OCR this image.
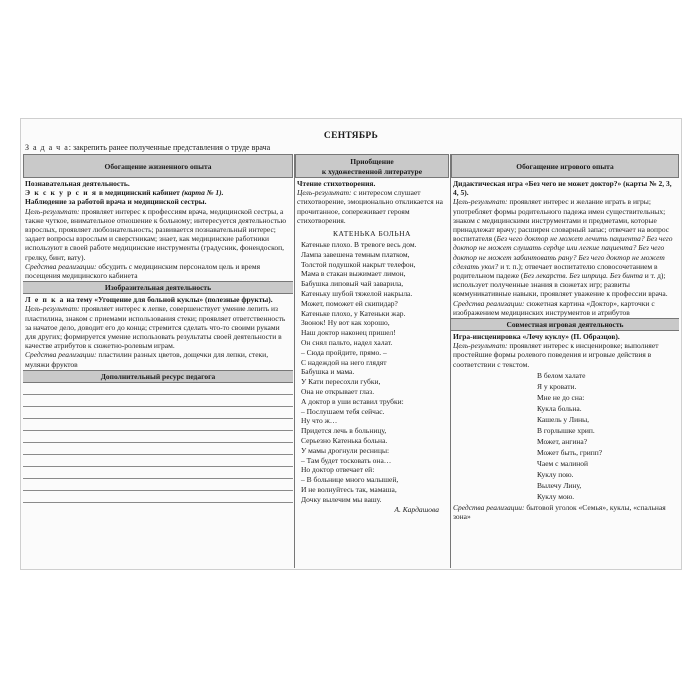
СЕНТЯБРЬ
З а д а ч а: закрепить ранее полученные представления о труде врача
Обогащение жизненного опыта
Познавательная деятельность.
Э к с к у р с и я в медицинский кабинет (карта № 1).
Наблюдение за работой врача и медицинской сестры.
Цель-результат: проявляет интерес к профессиям врача, медицинской сестры, а также чуткое, внимательное отношение к больному; интересуется деятельностью взрослых, проявляет любознательность; развивается познавательный интерес; задает вопросы взрослым и сверстникам; знает, как медицинские работники используют в своей работе медицинские инструменты (градусник, фонендоскоп, грелку, бинт, вату).
Средства реализации: обсудить с медицинским персоналом цель и время посещения медицинского кабинета
Изобразительная деятельность
Л е п к а на тему «Угощение для больной куклы» (полезные фрукты).
Цель-результат: проявляет интерес к лепке, совершенствует умение лепить из пластилина, знаком с приемами использования стеки; проявляет ответственность за начатое дело, доводит его до конца; стремится сделать что-то своими руками для других; формируется умение использовать результаты своей деятельности в качестве атрибутов к сюжетно-ролевым играм.
Средства реализации: пластилин разных цветов, дощечки для лепки, стеки, муляжи фруктов
Дополнительный ресурс педагога
Приобщение
к художественной литературе
Чтение стихотворения.
Цель-результат: с интересом слушает стихотворение, эмоционально откликается на прочитанное, сопереживает героям стихотворения.
КАТЕНЬКА БОЛЬНА
Катеньке плохо. В тревоге весь дом.
Лампа завешена темным платком,
Толстой подушкой накрыт телефон,
Мама в стакан выжимает лимон,
Бабушка липовый чай заварила,
Катеньку шубой тяжелой накрыла.
Может, поможет ей скипидар?
Катеньке плохо, у Катеньки жар.
Звонок! Ну вот как хорошо,
Наш доктор наконец пришел!
Он снял пальто, надел халат.
– Сюда пройдите, прямо. –
С надеждой на него глядят
Бабушка и мама.
У Кати пересохли губки,
Она не открывает глаз.
А доктор в уши вставил трубки:
– Послушаем тебя сейчас.
Ну что ж…
Придется лечь в больницу,
Серьезно Катенька больна.
У мамы дрогнули ресницы:
– Там будет тосковать она…
Но доктор отвечает ей:
– В больнице много малышей,
И не волнуйтесь так, мамаша,
Дочку вылечим мы вашу.
А. Кардашова
Обогащение игрового опыта
Дидактическая игра «Без чего не может доктор?» (карты № 2, 3, 4, 5).
Цель-результат: проявляет интерес и желание играть в игры; употребляет формы родительного падежа имен существительных; знаком с медицинскими инструментами и предметами, которые принадлежат врачу; расширен словарный запас; отвечает на вопрос воспитателя (Без чего доктор не может лечить пациента? Без чего доктор не может слушать сердце или легкие пациента? Без чего доктор не может забинтовать рану? Без чего доктор не может сделать укол? и т. п.); отвечает воспитателю словосочетанием в родительном падеже (Без лекарств. Без шприца. Без бинта и т. д); использует полученные знания в сюжетах игр; развиты коммуникативные навыки, проявляет уважение к профессии врача.
Средства реализации: сюжетная картина «Доктор», карточки с изображением медицинских инструментов и атрибутов
Совместная игровая деятельность
Игра-инсценировка «Лечу куклу» (П. Образцов).
Цель-результат: проявляет интерес к инсценировке; выполняет простейшие формы ролевого поведения и игровые действия в соответствии с текстом.
В белом халате
Я у кровати.
Мне не до сна:
Кукла больна.
Кашель у Лины,
В горлышке хрип.
Может, ангина?
Может быть, грипп?
Чаем с малиной
Куклу пою.
Вылечу Лину,
Куклу мою.
Средства реализации: бытовой уголок «Семья», куклы, «спальная зона»
